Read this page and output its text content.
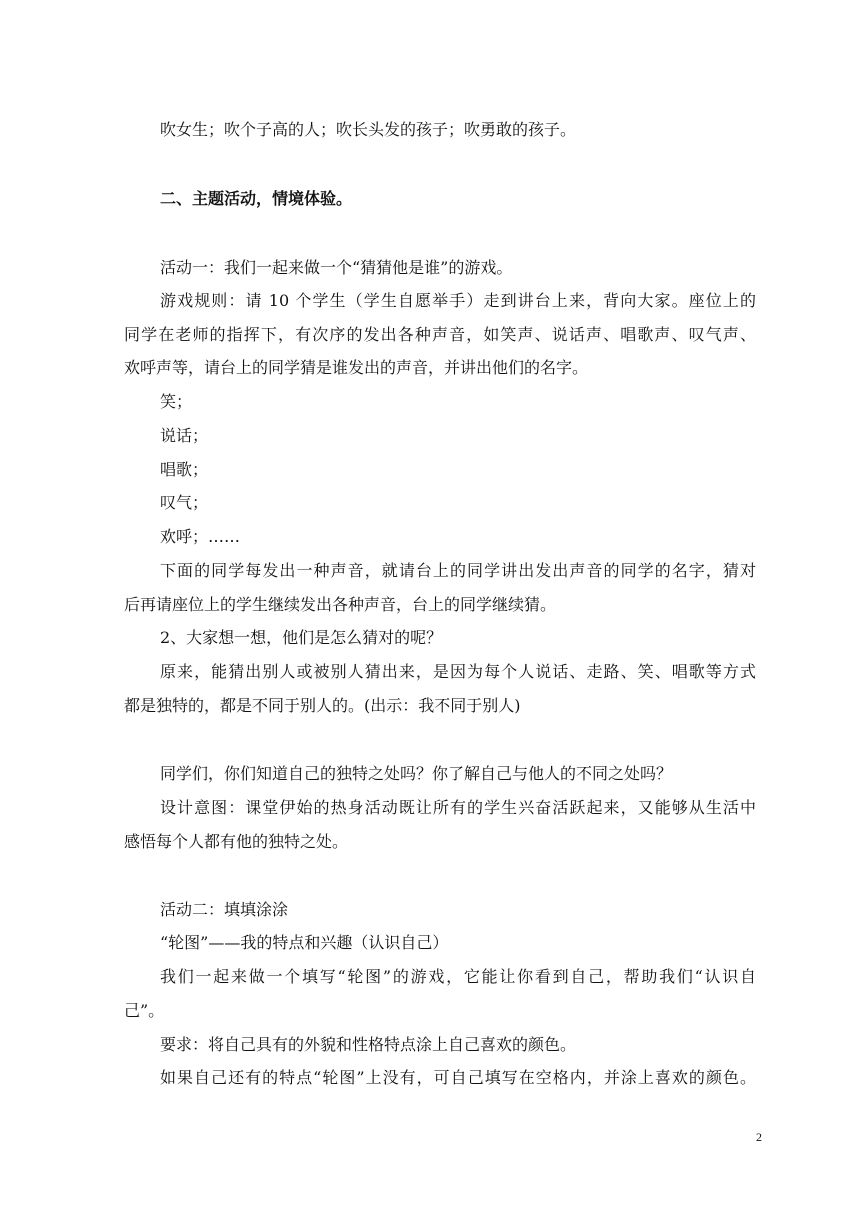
吹女生；吹个子高的人；吹长头发的孩子；吹勇敢的孩子。
二、主题活动，情境体验。
活动一：我们一起来做一个“猜猜他是谁”的游戏。
游戏规则：请 10 个学生（学生自愿举手）走到讲台上来，背向大家。座位上的
同学在老师的指挥下，有次序的发出各种声音，如笑声、说话声、唱歌声、叹气声、
欢呼声等，请台上的同学猜是谁发出的声音，并讲出他们的名字。
笑；
说话；
唱歌；
叹气；
欢呼；……
下面的同学每发出一种声音，就请台上的同学讲出发出声音的同学的名字，猜对
后再请座位上的学生继续发出各种声音，台上的同学继续猜。
2、大家想一想，他们是怎么猜对的呢？
原来，能猜出别人或被别人猜出来，是因为每个人说话、走路、笑、唱歌等方式
都是独特的，都是不同于别人的。(出示：我不同于别人)
同学们，你们知道自己的独特之处吗？你了解自己与他人的不同之处吗？
设计意图：课堂伊始的热身活动既让所有的学生兴奋活跃起来，又能够从生活中
感悟每个人都有他的独特之处。
活动二：填填涂涂
“轮图”——我的特点和兴趣（认识自己）
我们一起来做一个填写“轮图”的游戏，它能让你看到自己，帮助我们“认识自
己”。
要求：将自己具有的外貌和性格特点涂上自己喜欢的颜色。
如果自己还有的特点“轮图”上没有，可自己填写在空格内，并涂上喜欢的颜色。
2
